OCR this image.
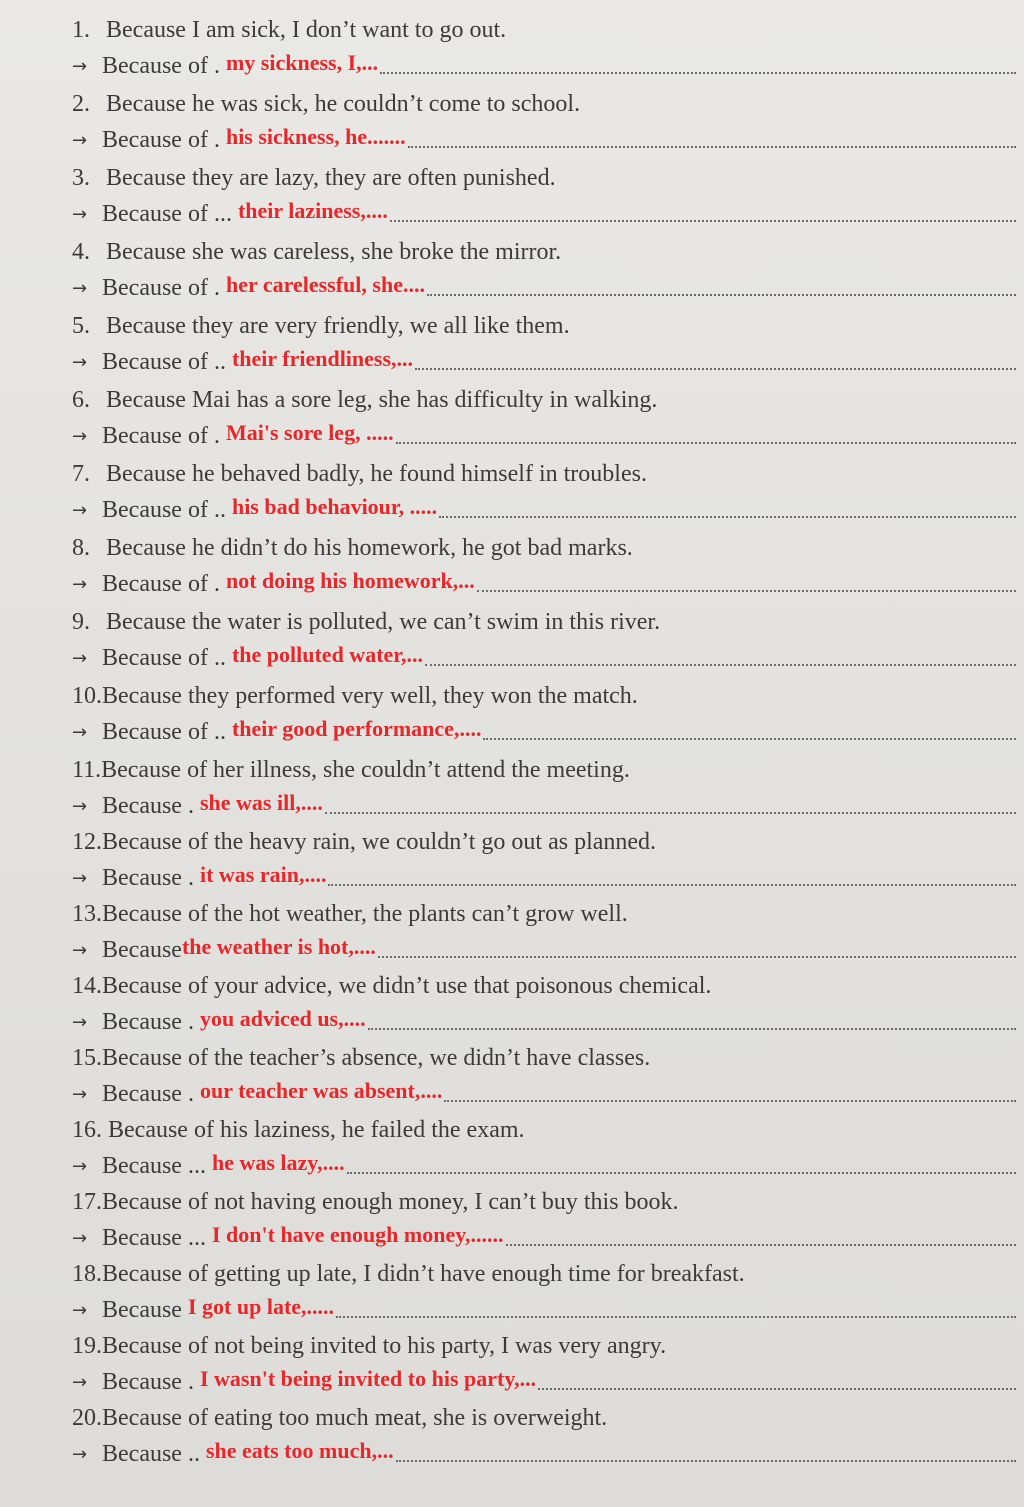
1. Because I am sick, I don’t want to go out.
→ Because of . my sickness, I,...
2. Because he was sick, he couldn’t come to school.
→ Because of . his sickness, he.......
3. Because they are lazy, they are often punished.
→ Because of ... their laziness,....
4. Because she was careless, she broke the mirror.
→ Because of . her carelessful, she....
5. Because they are very friendly, we all like them.
→ Because of .. their friendliness,...
6. Because Mai has a sore leg, she has difficulty in walking.
→ Because of . Mai's sore leg, .....
7. Because he behaved badly, he found himself in troubles.
→ Because of .. his bad behaviour, .....
8. Because he didn’t do his homework, he got bad marks.
→ Because of . not doing his homework,...
9. Because the water is polluted, we can’t swim in this river.
→ Because of .. the polluted water,...
10. Because they performed very well, they won the match.
→ Because of .. their good performance,....
11. Because of her illness, she couldn’t attend the meeting.
→ Because . she was ill,....
12. Because of the heavy rain, we couldn’t go out as planned.
→ Because . it was rain,....
13. Because of the hot weather, the plants can’t grow well.
→ Because the weather is hot,....
14. Because of your advice, we didn’t use that poisonous chemical.
→ Because . you adviced us,....
15. Because of the teacher’s absence, we didn’t have classes.
→ Because . our teacher was absent,....
16. Because of his laziness, he failed the exam.
→ Because ... he was lazy,....
17. Because of not having enough money, I can’t buy this book.
→ Because ... I don't have enough money,......
18. Because of getting up late, I didn’t have enough time for breakfast.
→ Because I got up late,.....
19. Because of not being invited to his party, I was very angry.
→ Because . I wasn't being invited to his party,...
20. Because of eating too much meat, she is overweight.
→ Because .. she eats too much,...
